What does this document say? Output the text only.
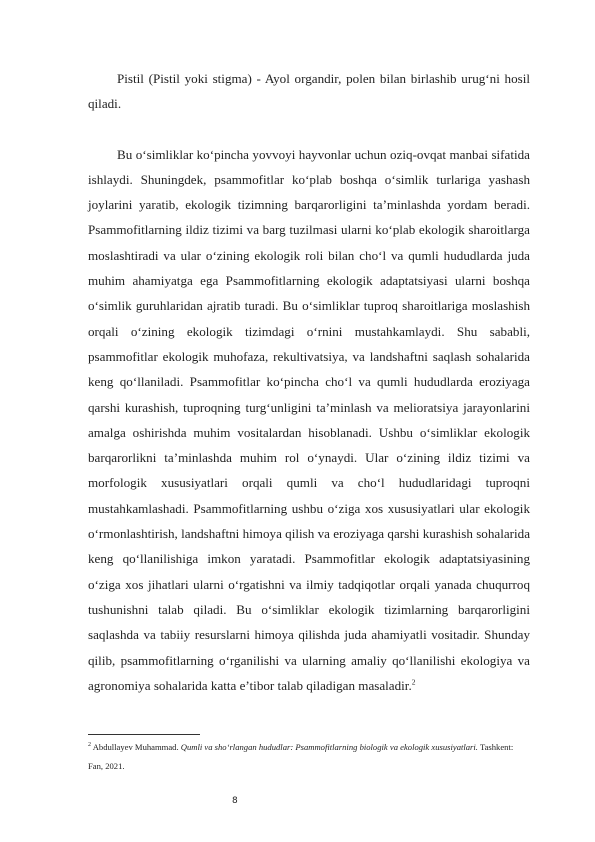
Pistil (Pistil yoki stigma) - Ayol organdir, polen bilan birlashib urug‘ni hosil qiladi.

Bu o‘simliklar ko‘pincha yovvoyi hayvonlar uchun oziq-ovqat manbai sifatida ishlaydi. Shuningdek, psammofitlar ko‘plab boshqa o‘simlik turlariga yashash joylarini yaratib, ekologik tizimning barqarorligini ta’minlashda yordam beradi. Psammofitlarning ildiz tizimi va barg tuzilmasi ularni ko‘plab ekologik sharoitlarga moslashtiradi va ular o‘zining ekologik roli bilan cho‘l va qumli hududlarda juda muhim ahamiyatga ega Psammofitlarning ekologik adaptatsiyasi ularni boshqa o‘simlik guruhlaridan ajratib turadi. Bu o‘simliklar tuproq sharoitlariga moslashish orqali o‘zining ekologik tizimdagi o‘rnini mustahkamlaydi. Shu sababli, psammofitlar ekologik muhofaza, rekultivatsiya, va landshaftni saqlash sohalarida keng qo‘llaniladi. Psammofitlar ko‘pincha cho‘l va qumli hududlarda eroziyaga qarshi kurashish, tuproqning turg‘unligini ta’minlash va melioratsiya jarayonlarini amalga oshirishda muhim vositalardan hisoblanadi. Ushbu o‘simliklar ekologik barqarorlikni ta’minlashda muhim rol o‘ynaydi. Ular o‘zining ildiz tizimi va morfologik xususiyatlari orqali qumli va cho‘l hududlaridagi tuproqni mustahkamlashadi. Psammofitlarning ushbu o‘ziga xos xususiyatlari ular ekologik o‘rmonlashtirish, landshaftni himoya qilish va eroziyaga qarshi kurashish sohalarida keng qo‘llanilishiga imkon yaratadi. Psammofitlar ekologik adaptatsiyasining o‘ziga xos jihatlari ularni o‘rgatishni va ilmiy tadqiqotlar orqali yanada chuqurroq tushunishni talab qiladi. Bu o‘simliklar ekologik tizimlarning barqarorligini saqlashda va tabiiy resurslarni himoya qilishda juda ahamiyatli vositadir. Shunday qilib, psammofitlarning o‘rganilishi va ularning amaliy qo‘llanilishi ekologiya va agronomiya sohalarida katta e’tibor talab qiladigan masaladir.$^2$

$^2$ Abdullayev Muhammad. Qumli va sho‘rlangan hududlar: Psammofitlarning biologik va ekologik xususiyatlari. Tashkent: Fan, 2021.
8
